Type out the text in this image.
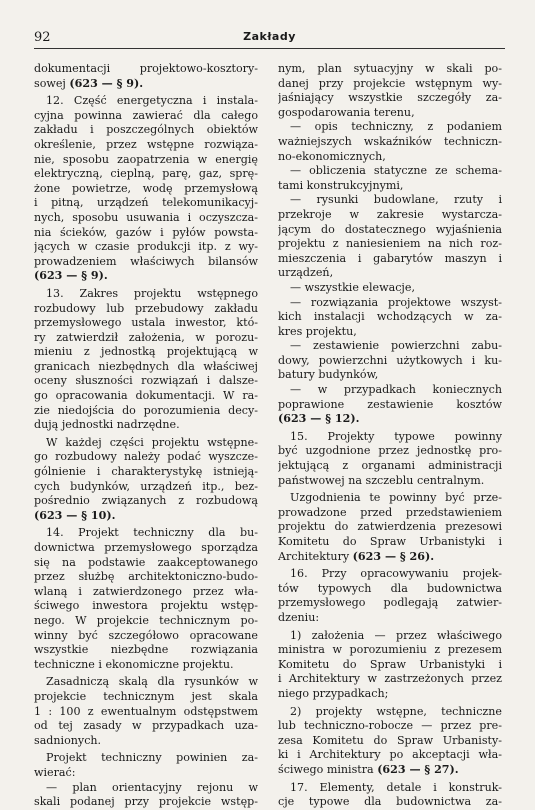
92	Zakłady
dokumentacji projektowo-kosztory-
sowej (623 — § 9).
12. Część energetyczna i instala-
cyjna powinna zawierać dla całego
zakładu i poszczególnych obiektów
określenie, przez wstępne rozwiąza-
nie, sposobu zaopatrzenia w energię
elektryczną, cieplną, parę, gaz, sprę-
żone powietrze, wodę przemysłową
i pitną, urządzeń telekomunikacyj-
nych, sposobu usuwania i oczyszcza-
nia ścieków, gazów i pyłów powsta-
jących w czasie produkcji itp. z wy-
prowadzeniem właściwych bilansów
(623 — § 9).
13. Zakres projektu wstępnego
rozbudowy lub przebudowy zakładu
przemysłowego ustala inwestor, któ-
ry zatwierdził założenia, w porozu-
mieniu z jednostką projektującą w
granicach niezbędnych dla właściwej
oceny słuszności rozwiązań i dalsze-
go opracowania dokumentacji. W ra-
zie niedojścia do porozumienia decy-
dują jednostki nadrzędne.
W każdej części projektu wstępne-
go rozbudowy należy podać wyszcze-
gólnienie i charakterystykę istnieją-
cych budynków, urządzeń itp., bez-
pośrednio związanych z rozbudową
(623 — § 10).
14. Projekt techniczny dla bu-
downictwa przemysłowego sporządza
się na podstawie zaakceptowanego
przez służbę architektoniczno-budo-
wlaną i zatwierdzonego przez wła-
ściwego inwestora projektu wstęp-
nego. W projekcie technicznym po-
winny być szczegółowo opracowane
wszystkie niezbędne rozwiązania
techniczne i ekonomiczne projektu.
Zasadniczą skalą dla rysunków w
projekcie technicznym jest skala
1 : 100 z ewentualnym odstępstwem
od tej zasady w przypadkach uza-
sadnionych.
Projekt techniczny powinien za-
wierać:
— plan orientacyjny rejonu w
skali podanej przy projekcie wstęp-
nym, plan sytuacyjny w skali po-
danej przy projekcie wstępnym wy-
jaśniający wszystkie szczegóły za-
gospodarowania terenu,
— opis techniczny, z podaniem
ważniejszych wskaźników techniczn-
no-ekonomicznych,
— obliczenia statyczne ze schema-
tami konstrukcyjnymi,
— rysunki budowlane, rzuty i
przekroje w zakresie wystarcza-
jącym do dostatecznego wyjaśnienia
projektu z naniesieniem na nich roz-
mieszczenia i gabarytów maszyn i
urządzeń,
— wszystkie elewacje,
— rozwiązania projektowe wszyst-
kich instalacji wchodzących w za-
kres projektu,
— zestawienie powierzchni zabu-
dowy, powierzchni użytkowych i ku-
batury budynków,
— w przypadkach koniecznych
poprawione zestawienie kosztów
(623 — § 12).
15. Projekty typowe powinny
być uzgodnione przez jednostkę pro-
jektującą z organami administracji
państwowej na szczeblu centralnym.
Uzgodnienia te powinny być prze-
prowadzone przed przedstawieniem
projektu do zatwierdzenia prezesowi
Komitetu do Spraw Urbanistyki i
Architektury (623 — § 26).
16. Przy opracowywaniu projek-
tów typowych dla budownictwa
przemysłowego podlegają zatwier-
dzeniu:
1) założenia — przez właściwego
ministra w porozumieniu z prezesem
Komitetu do Spraw Urbanistyki i
i Architektury w zastrzeżonych przez
niego przypadkach;
2) projekty wstępne, techniczne
lub techniczno-robocze — przez pre-
zesa Komitetu do Spraw Urbanisty-
ki i Architektury po akceptacji wła-
ściwego ministra (623 — § 27).
17. Elementy, detale i konstruk-
cje typowe dla budownictwa za-
